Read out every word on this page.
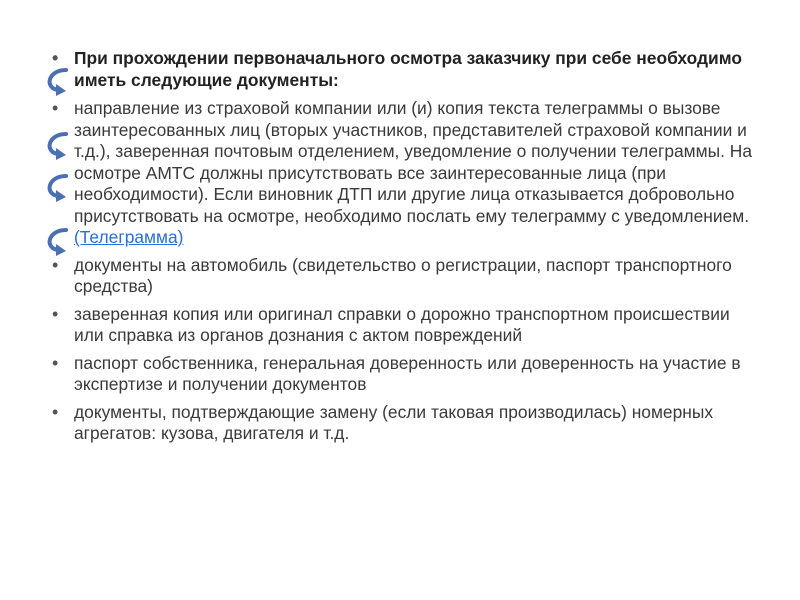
• При прохождении первоначального осмотра заказчику при себе необходимо иметь следующие документы:
• направление из страховой компании или (и) копия текста телеграммы о вызове заинтересованных лиц (вторых участников, представителей страховой компании и т.д.), заверенная почтовым отделением, уведомление о получении телеграммы. На осмотре АМТС должны присутствовать все заинтересованные лица (при необходимости). Если виновник ДТП или другие лица отказывается добровольно присутствовать на осмотре, необходимо послать ему телеграмму с уведомлением. (Телеграмма)
• документы на автомобиль (свидетельство о регистрации, паспорт транспортного средства)
• заверенная копия или оригинал справки о дорожно транспортном происшествии или справка из органов дознания с актом повреждений
• паспорт собственника, генеральная доверенность или доверенность на участие в экспертизе и получении документов
• документы, подтверждающие замену (если таковая производилась) номерных агрегатов: кузова, двигателя и т.д.
